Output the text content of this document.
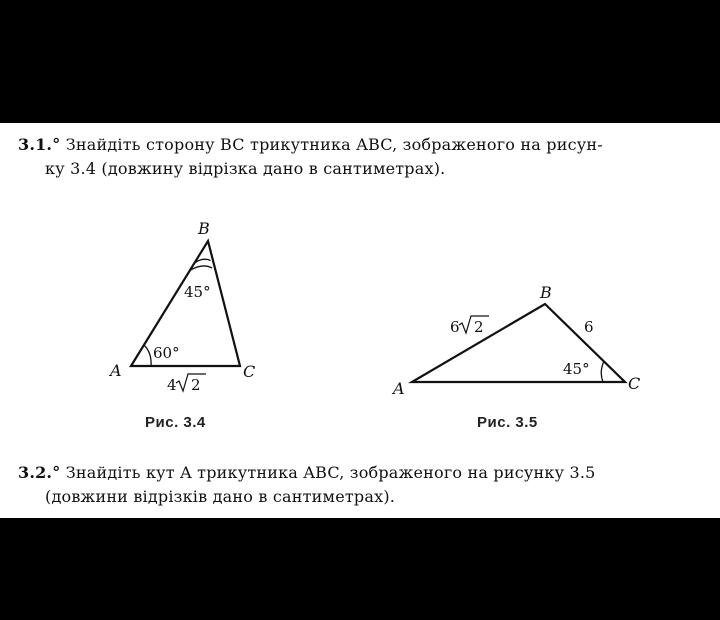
3.1.° Знайдіть сторону BC трикутника ABC, зображеного на рисун-
ку 3.4 (довжину відрізка дано в сантиметрах).
B
A	C
45°
60°
4 2
B
A	C
6
45°
6 2
Рис. 3.4	Рис. 3.5
3.2.° Знайдіть кут A трикутника ABC, зображеного на рисунку 3.5
(довжини відрізків дано в сантиметрах).
